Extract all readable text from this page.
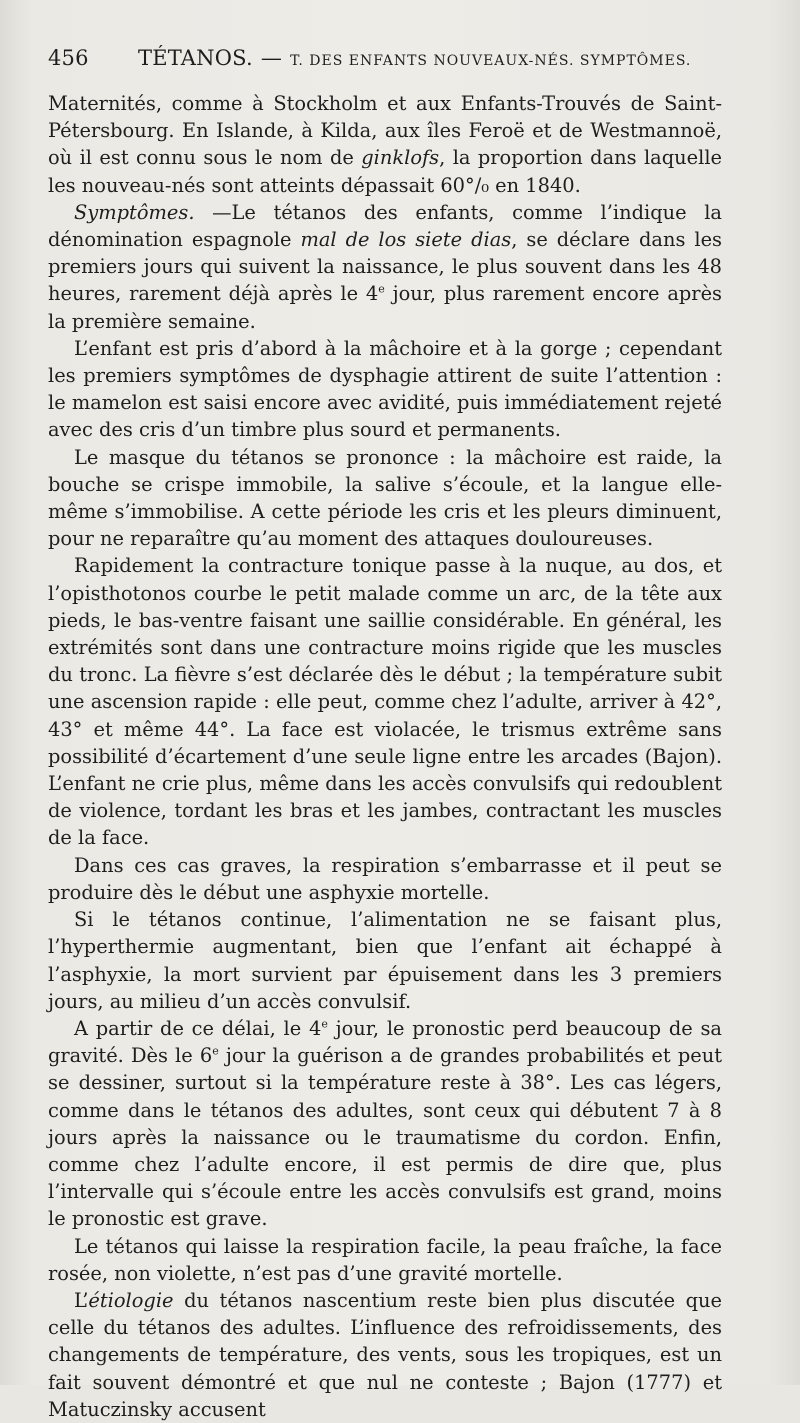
456	TÉTANOS. — T. DES ENFANTS NOUVEAUX-NÉS. SYMPTÔMES.

Maternités, comme à Stockholm et aux Enfants-Trouvés de Saint-Pétersbourg. En Islande, à Kilda, aux îles Feroë et de Westmannoë, où il est connu sous le nom de ginklofs, la proportion dans laquelle les nouveau-nés sont atteints dépassait 60°/₀ en 1840.

Symptômes. —Le tétanos des enfants, comme l’indique la dénomination espagnole mal de los siete dias, se déclare dans les premiers jours qui suivent la naissance, le plus souvent dans les 48 heures, rarement déjà après le 4e jour, plus rarement encore après la première semaine.

L’enfant est pris d’abord à la mâchoire et à la gorge ; cependant les premiers symptômes de dysphagie attirent de suite l’attention : le mamelon est saisi encore avec avidité, puis immédiatement rejeté avec des cris d’un timbre plus sourd et permanents.

Le masque du tétanos se prononce : la mâchoire est raide, la bouche se crispe immobile, la salive s’écoule, et la langue elle-même s’immobilise. A cette période les cris et les pleurs diminuent, pour ne reparaître qu’au moment des attaques douloureuses.

Rapidement la contracture tonique passe à la nuque, au dos, et l’opisthotonos courbe le petit malade comme un arc, de la tête aux pieds, le bas-ventre faisant une saillie considérable. En général, les extrémités sont dans une contracture moins rigide que les muscles du tronc. La fièvre s’est déclarée dès le début ; la température subit une ascension rapide : elle peut, comme chez l’adulte, arriver à 42°, 43° et même 44°. La face est violacée, le trismus extrême sans possibilité d’écartement d’une seule ligne entre les arcades (Bajon). L’enfant ne crie plus, même dans les accès convulsifs qui redoublent de violence, tordant les bras et les jambes, contractant les muscles de la face.

Dans ces cas graves, la respiration s’embarrasse et il peut se produire dès le début une asphyxie mortelle.

Si le tétanos continue, l’alimentation ne se faisant plus, l’hyperthermie augmentant, bien que l’enfant ait échappé à l’asphyxie, la mort survient par épuisement dans les 3 premiers jours, au milieu d’un accès convulsif.

A partir de ce délai, le 4e jour, le pronostic perd beaucoup de sa gravité. Dès le 6e jour la guérison a de grandes probabilités et peut se dessiner, surtout si la température reste à 38°. Les cas légers, comme dans le tétanos des adultes, sont ceux qui débutent 7 à 8 jours après la naissance ou le traumatisme du cordon. Enfin, comme chez l’adulte encore, il est permis de dire que, plus l’intervalle qui s’écoule entre les accès convulsifs est grand, moins le pronostic est grave.

Le tétanos qui laisse la respiration facile, la peau fraîche, la face rosée, non violette, n’est pas d’une gravité mortelle.

L’étiologie du tétanos nascentium reste bien plus discutée que celle du tétanos des adultes. L’influence des refroidissements, des changements de température, des vents, sous les tropiques, est un fait souvent démontré et que nul ne conteste ; Bajon (1777) et Matuczinsky accusent
